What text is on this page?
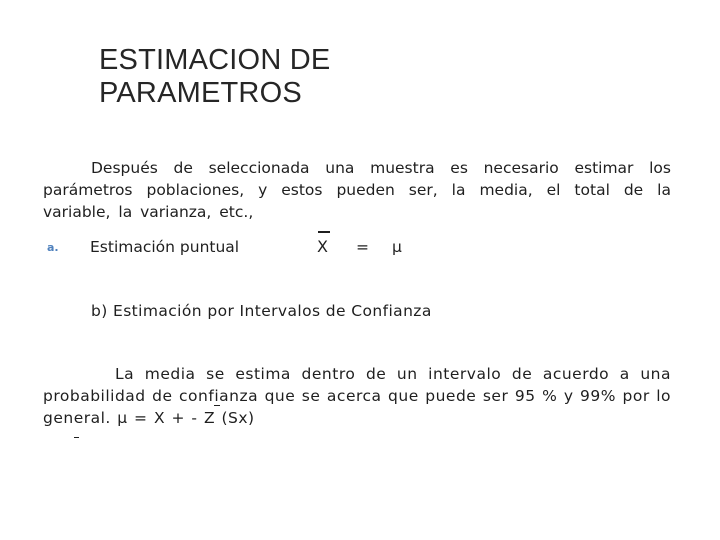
ESTIMACION DE
PARAMETROS
Después de seleccionada una muestra es necesario estimar los parámetros poblaciones, y estos pueden ser, la media, el total de la variable, la varianza, etc.,
a. Estimación puntual	X = µ
b) Estimación por Intervalos de Confianza
La media se estima dentro de un intervalo de acuerdo a una probabilidad de confianza que se acerca que puede ser 95 % y 99% por lo general. µ = X + - Z (Sx)
